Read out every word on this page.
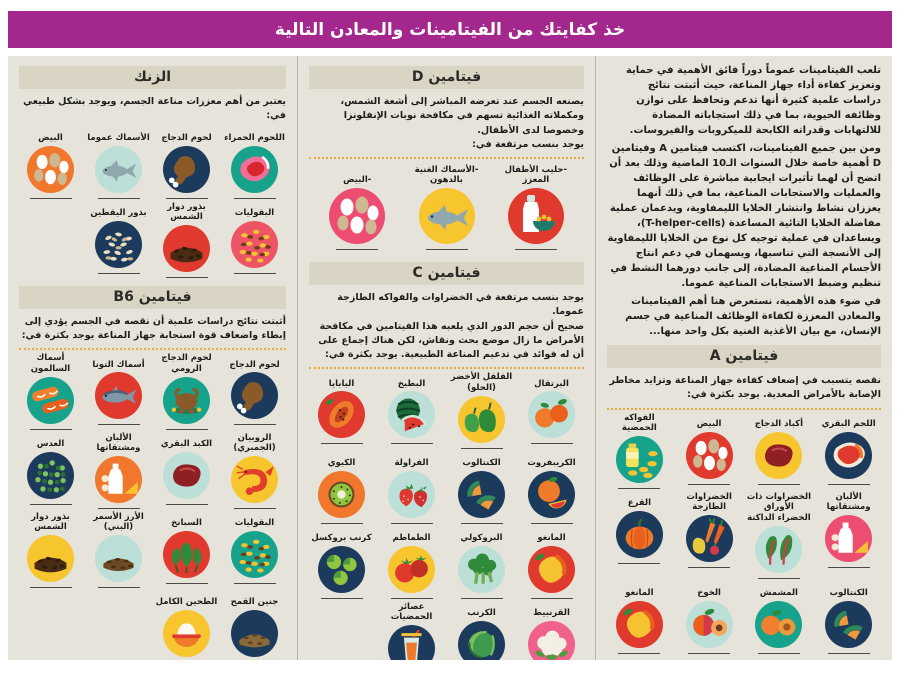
خذ كفايتك من الفيتامينات والمعادن التالية

تلعب الفيتامينات عموماً دوراً فائق الأهمية في حماية وتعزيز كفاءة أداء جهاز المناعة، حيث أثبتت نتائج دراسات علمية كثيرة أنها تدعم وتحافظ على توازن وظائفه الحيوية، بما في ذلك استجاباته المضادة للالتهابات وقدراته الكابحة للميكروبات والفيروسات.

ومن بين جميع الفيتامينات، اكتسب فيتامين A وفيتامين D أهمية خاصة خلال السنوات الـ10 الماضية وذلك بعد أن اتضح أن لهما تأثيرات ايجابية مباشرة على الوظائف والعمليات والاستجابات المناعية، بما في ذلك أنهما يعززان نشاط وانتشار الخلايا الليمفاوية، ويدعمان عملية مفاضلة الخلايا التائية المساعدة (T-helper-cells)، ويساعدان في عملية توجيه كل نوع من الخلايا الليمفاوية إلى الأنسجة التي تناسبها، ويسهمان في دعم انتاج الأجسام المناعية المضادة، إلى جانب دورهما النشط في تنظيم وضبط الاستجابات المناعية عموما.

في ضوء هذه الأهمية، نستعرض هنا أهم الفيتامينات والمعادن المعززة لكفاءة الوظائف المناعية في جسم الإنسان، مع بيان الأغذية الغنية بكل واحد منها...

فيتامين A

نقصه يتسبب في إضعاف كفاءة جهاز المناعة وتزايد مخاطر الإصابة بالأمراض المعدية. يوجد بكثرة في:

اللحم البقري
أكباد الدجاج
البيض
الفواكه الحمضية
الألبان ومشتقاتها
الخضراوات ذات الأوراق الخضراء الداكنة
الخضراوات الطازجة
القرع
الكنتالوب
المشمش
الخوخ
المانغو
فيتامين D

يصنعه الجسم عند تعرضه المباشر إلى أشعة الشمس، ومكملاته الغذائية تسهم في مكافحة نوبات الإنفلونزا وخصوصا لدى الأطفال.
يوجد بنسب مرتفعة في:

-حليب الأطفال المعزز
-الأسماك الغنية بالدهون
-البيض
فيتامين C

يوجد بنسب مرتفعة في الخضراوات والفواكه الطازجة عموما.
صحيح أن حجم الدور الذي يلعبه هذا الفيتامين في مكافحة الأمراض ما زال موضع بحث ونقاش، لكن هناك إجماع على أن له فوائد في تدعيم المناعة الطبيعية. يوجد بكثرة في:

البرتقال
الفلفل الأخضر (الحلو)
البطيخ
البابايا
الكريبفروت
الكنتالوب
الفراولة
الكيوي
المانغو
البروكولي
الطماطم
كرنب بروكسل
القرنبيط
الكرنب
عصائر الحمضيات
الزنك

يعتبر من أهم معززات مناعة الجسم، ويوجد بشكل طبيعي في:

اللحوم الحمراء
لحوم الدجاج
الأسماك عموما
البيض
البقوليات
بذور دوار الشمس
بذور اليقطين
فيتامين B6

أثبتت نتائج دراسات علمية أن نقصه في الجسم يؤدي إلى إبطاء واضعاف قوة استجابة جهاز المناعة يوجد بكثرة في:

لحوم الدجاج
لحوم الدجاج الرومي
أسماك التونا
أسماك السالمون
الروبيان (الجمبري)
الكبد البقري
الألبان ومشتقاتها
العدس
البقوليات
السبانخ
الأرز الأسمر (البني)
بذور دوار الشمس
جنين القمح
الطحين الكامل
